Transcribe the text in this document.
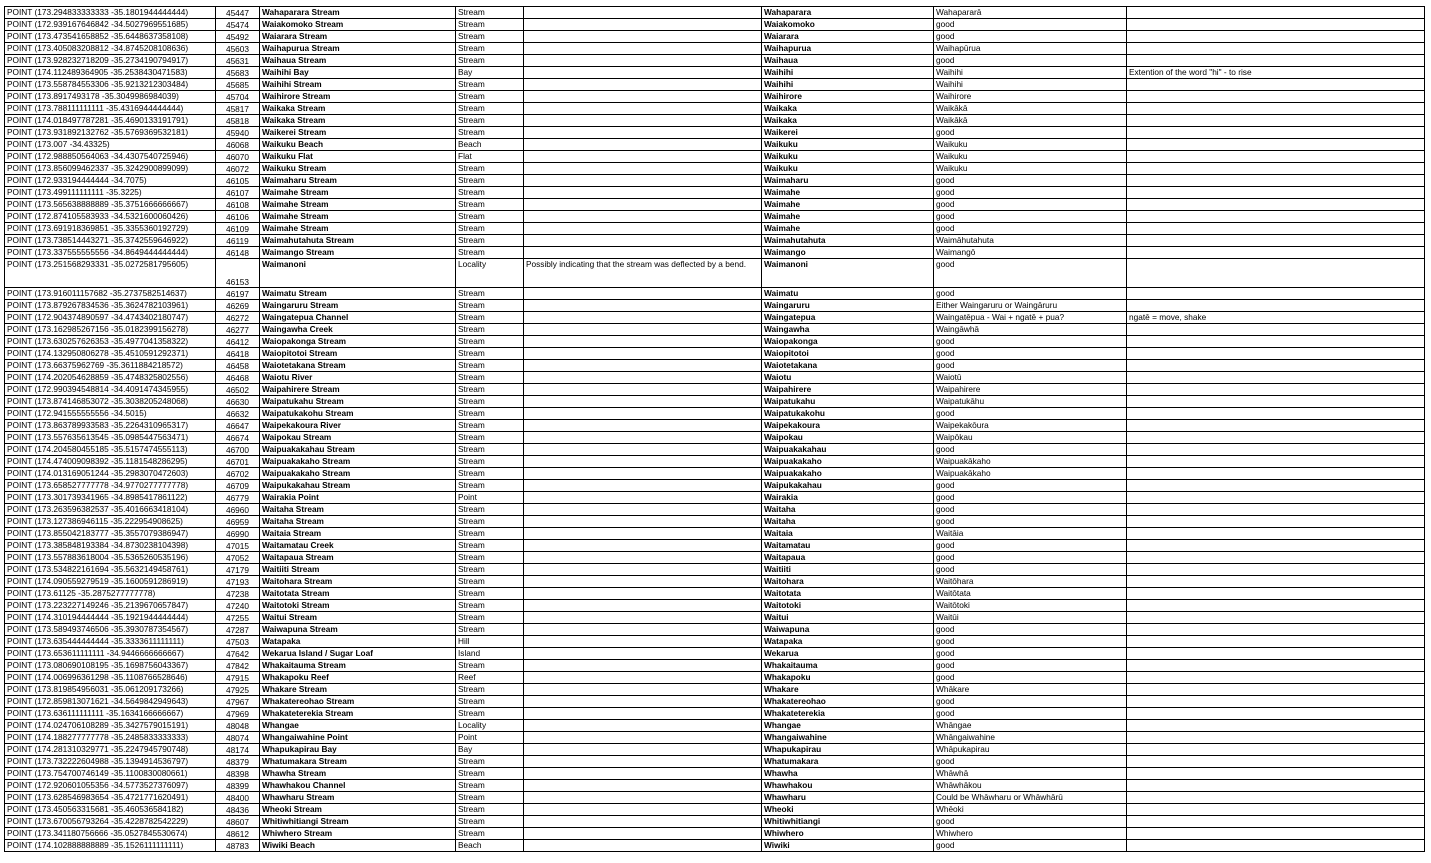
POINT (173.294833333333 -35.1801944444444)	45447	Wahaparara Stream	Stream		Wahaparara	Wahapararā	
POINT (172.939167646842 -34.5027969551685)	45474	Waiakomoko Stream	Stream		Waiakomoko	good	
POINT (173.473541658852 -35.6448637358108)	45492	Waiarara Stream	Stream		Waiarara	good	
POINT (173.405083208812 -34.8745208108636)	45603	Waihapurua Stream	Stream		Waihapurua	Waihapūrua	
POINT (173.928232718209 -35.2734190794917)	45631	Waihaua Stream	Stream		Waihaua	good	
POINT (174.112489364905 -35.2538430471583)	45683	Waihihi Bay	Bay		Waihihi	Waihihi	Extention of the word "hi" - to rise
POINT (173.558784553306 -35.9213212303484)	45685	Waihihi Stream	Stream		Waihihi	Waihihi	
POINT (173.8917493178 -35.3049986984039)	45704	Waihirore Stream	Stream		Waihirore	Waihirore	
POINT (173.788111111111 -35.4316944444444)	45817	Waikaka Stream	Stream		Waikaka	Waikākā	
POINT (174.018497787281 -35.4690133191791)	45818	Waikaka Stream	Stream		Waikaka	Waikākā	
POINT (173.931892132762 -35.5769369532181)	45940	Waikerei Stream	Stream		Waikerei	good	
POINT (173.007 -34.43325)	46068	Waikuku Beach	Beach		Waikuku	Waikuku	
POINT (172.988850564063 -34.4307540725946)	46070	Waikuku Flat	Flat		Waikuku	Waikuku	
POINT (173.856099462337 -35.3242900899099)	46072	Waikuku Stream	Stream		Waikuku	Waikuku	
POINT (172.933194444444 -34.7075)	46105	Waimaharu Stream	Stream		Waimaharu	good	
POINT (173.499111111111 -35.3225)	46107	Waimahe Stream	Stream		Waimahe	good	
POINT (173.565638888889 -35.3751666666667)	46108	Waimahe Stream	Stream		Waimahe	good	
POINT (172.874105583933 -34.5321600060426)	46106	Waimahe Stream	Stream		Waimahe	good	
POINT (173.691918369851 -35.3355360192729)	46109	Waimahe Stream	Stream		Waimahe	good	
POINT (173.738514443271 -35.3742559646922)	46119	Waimahutahuta Stream	Stream		Waimahutahuta	Waimāhutahuta	
POINT (173.337555555556 -34.8649444444444)	46148	Waimango Stream	Stream		Waimango	Waimangō	
POINT (173.251568293331 -35.0272581795605)	46153	Waimanoni	Locality	Possibly indicating that the stream was deflected by a bend.	Waimanoni	good	
POINT (173.916011157682 -35.2737582514637)	46197	Waimatu Stream	Stream		Waimatu	good	
POINT (173.879267834536 -35.3624782103961)	46269	Waingaruru Stream	Stream		Waingaruru	Either Waingaruru or Waingāruru	
POINT (172.904374890597 -34.4743402180747)	46272	Waingatepua Channel	Stream		Waingatepua	Waingatēpua - Wai + ngatē + pua?	ngatē = move, shake
POINT (173.162985267156 -35.0182399156278)	46277	Waingawha Creek	Stream		Waingawha	Waingāwhā	
POINT (173.630257626353 -35.4977041358322)	46412	Waiopakonga Stream	Stream		Waiopakonga	good	
POINT (174.132950806278 -35.4510591292371)	46418	Waiopitotoi Stream	Stream		Waiopitotoi	good	
POINT (173.66375962769 -35.3611884218572)	46458	Waiotetakana Stream	Stream		Waiotetakana	good	
POINT (174.202054628859 -35.4748325802556)	46468	Waiotu River	Stream		Waiotu	Waiotū	
POINT (172.990394548814 -34.4091474345955)	46502	Waipahirere Stream	Stream		Waipahirere	Waipahirere	
POINT (173.874146853072 -35.3038205248068)	46630	Waipatukahu Stream	Stream		Waipatukahu	Waipatukāhu	
POINT (172.941555555556 -34.5015)	46632	Waipatukakohu Stream	Stream		Waipatukakohu	good	
POINT (173.863789933583 -35.2264310965317)	46647	Waipekakoura River	Stream		Waipekakoura	Waipekakōura	
POINT (173.557635613545 -35.0985447563471)	46674	Waipokau Stream	Stream		Waipokau	Waipōkau	
POINT (174.204580455185 -35.5157474555113)	46700	Waipuakakahau Stream	Stream		Waipuakakahau	good	
POINT (174.474009098392 -35.1181548286295)	46701	Waipuakakaho Stream	Stream		Waipuakakaho	Waipuakākaho	
POINT (174.013169051244 -35.2983070472603)	46702	Waipuakakaho Stream	Stream		Waipuakakaho	Waipuakākaho	
POINT (173.658527777778 -34.9770277777778)	46709	Waipukakahau Stream	Stream		Waipukakahau	good	
POINT (173.301739341965 -34.8985417861122)	46779	Wairakia Point	Point		Wairakia	good	
POINT (173.263596382537 -35.4016663418104)	46960	Waitaha Stream	Stream		Waitaha	good	
POINT (173.127386946115 -35.222954908625)	46959	Waitaha Stream	Stream		Waitaha	good	
POINT (173.855042183777 -35.3557079386947)	46990	Waitaia Stream	Stream		Waitaia	Waitāia	
POINT (173.385848193384 -34.8730238104398)	47015	Waitamatau Creek	Stream		Waitamatau	good	
POINT (173.557883618004 -35.5365260535196)	47052	Waitapaua Stream	Stream		Waitapaua	good	
POINT (173.534822161694 -35.5632149458761)	47179	Waitiiti Stream	Stream		Waitiiti	good	
POINT (174.090559279519 -35.1600591286919)	47193	Waitohara Stream	Stream		Waitohara	Waitōhara	
POINT (173.61125 -35.2875277777778)	47238	Waitotata Stream	Stream		Waitotata	Waitōtata	
POINT (173.223227149246 -35.2139670657847)	47240	Waitotoki Stream	Stream		Waitotoki	Waitōtoki	
POINT (174.310194444444 -35.1921944444444)	47255	Waitui Stream	Stream		Waitui	Waitūi	
POINT (173.589493746506 -35.3930787354567)	47287	Waiwapuna Stream	Stream		Waiwapuna	good	
POINT (173.635444444444 -35.3333611111111)	47503	Watapaka	Hill		Watapaka	good	
POINT (173.653611111111 -34.9446666666667)	47642	Wekarua Island / Sugar Loaf	Island		Wekarua	good	
POINT (173.080690108195 -35.1698756043367)	47842	Whakaitauma Stream	Stream		Whakaitauma	good	
POINT (174.006996361298 -35.1108766528646)	47915	Whakapoku Reef	Reef		Whakapoku	good	
POINT (173.819854956031 -35.061209173266)	47925	Whakare Stream	Stream		Whakare	Whākare	
POINT (172.859813071621 -34.5649842949643)	47967	Whakatereohao Stream	Stream		Whakatereohao	good	
POINT (173.636111111111 -35.1634166666667)	47969	Whakateterekia Stream	Stream		Whakateterekia	good	
POINT (174.024706108289 -35.3427579015191)	48048	Whangae	Locality		Whangae	Whāngae	
POINT (174.188277777778 -35.2485833333333)	48074	Whangaiwahine Point	Point		Whangaiwahine	Whāngaiwahine	
POINT (174.281310329771 -35.2247945790748)	48174	Whapukapirau Bay	Bay		Whapukapirau	Whāpukapirau	
POINT (173.732222604988 -35.1394914536797)	48379	Whatumakara Stream	Stream		Whatumakara	good	
POINT (173.754700746149 -35.1100830080661)	48398	Whawha Stream	Stream		Whawha	Whāwhā	
POINT (172.920601055356 -34.5773527376097)	48399	Whawhakou Channel	Stream		Whawhakou	Whāwhākou	
POINT (173.628546983654 -35.4721771620491)	48400	Whawharu Stream	Stream		Whawharu	Could be Whāwharu or Whāwhārū	
POINT (173.450563315681 -35.460536584182)	48436	Wheoki Stream	Stream		Wheoki	Whēoki	
POINT (173.670056793264 -35.4228782542229)	48607	Whitiwhitiangi Stream	Stream		Whitiwhitiangi	good	
POINT (173.341180756666 -35.0527845530674)	48612	Whiwhero Stream	Stream		Whiwhero	Whiwhero	
POINT (174.102888888889 -35.1526111111111)	48783	Wiwiki Beach	Beach		Wiwiki	good	
